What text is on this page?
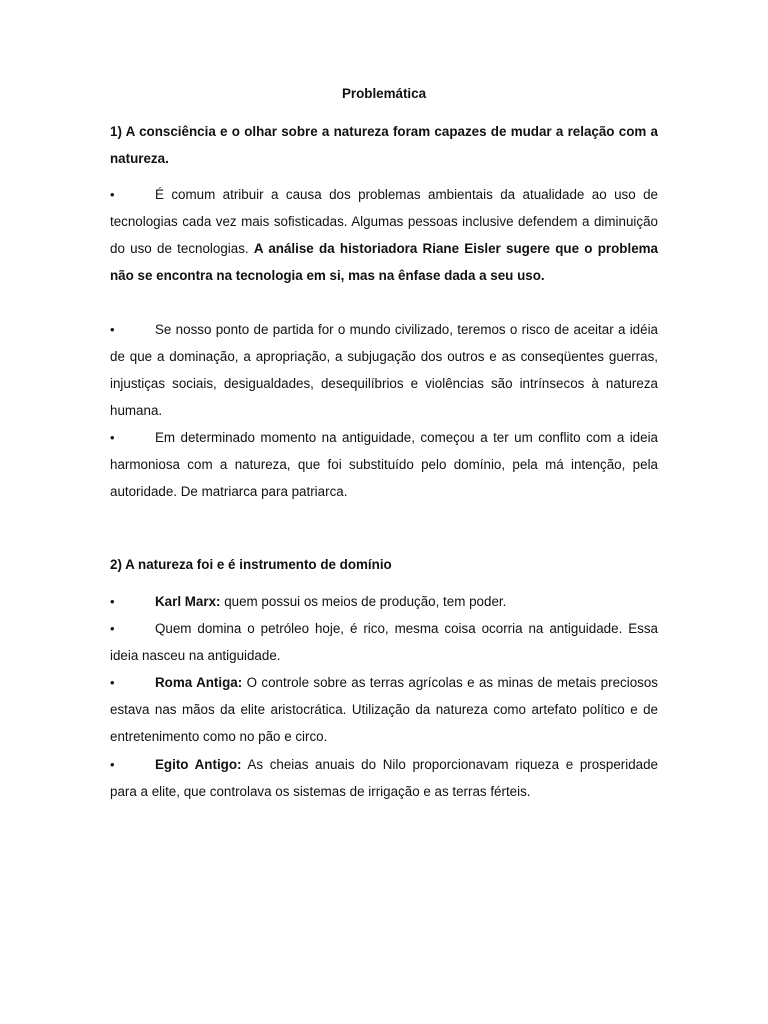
Problemática
1) A consciência e o olhar sobre a natureza foram capazes de mudar a relação com a natureza.
•	É comum atribuir a causa dos problemas ambientais da atualidade ao uso de tecnologias cada vez mais sofisticadas. Algumas pessoas inclusive defendem a diminuição do uso de tecnologias. A análise da historiadora Riane Eisler sugere que o problema não se encontra na tecnologia em si, mas na ênfase dada a seu uso.
•	Se nosso ponto de partida for o mundo civilizado, teremos o risco de aceitar a idéia de que a dominação, a apropriação, a subjugação dos outros e as conseqüentes guerras, injustiças sociais, desigualdades, desequilíbrios e violências são intrínsecos à natureza humana.
•	Em determinado momento na antiguidade, começou a ter um conflito com a ideia harmoniosa com a natureza, que foi substituído pelo domínio, pela má intenção, pela autoridade. De matriarca para patriarca.
2) A natureza foi e é instrumento de domínio
•	Karl Marx: quem possui os meios de produção, tem poder.
•	Quem domina o petróleo hoje, é rico, mesma coisa ocorria na antiguidade. Essa ideia nasceu na antiguidade.
•	Roma Antiga: O controle sobre as terras agrícolas e as minas de metais preciosos estava nas mãos da elite aristocrática. Utilização da natureza como artefato político e de entretenimento como no pão e circo.
•	Egito Antigo: As cheias anuais do Nilo proporcionavam riqueza e prosperidade para a elite, que controlava os sistemas de irrigação e as terras férteis.
